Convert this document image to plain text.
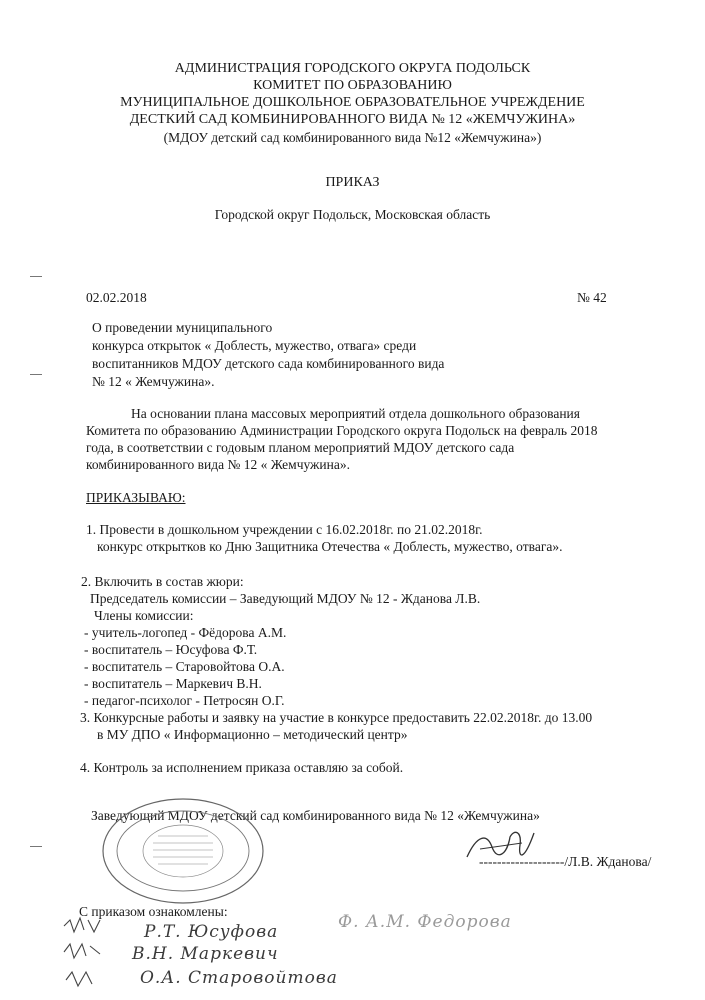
АДМИНИСТРАЦИЯ ГОРОДСКОГО ОКРУГА ПОДОЛЬСК
КОМИТЕТ ПО ОБРАЗОВАНИЮ
МУНИЦИПАЛЬНОЕ ДОШКОЛЬНОЕ ОБРАЗОВАТЕЛЬНОЕ УЧРЕЖДЕНИЕ
ДЕСТКИЙ САД КОМБИНИРОВАННОГО ВИДА № 12 «ЖЕМЧУЖИНА»
(МДОУ детский сад комбинированного вида №12 «Жемчужина»)
ПРИКАЗ
Городской округ Подольск, Московская область
02.02.2018	№ 42
О проведении муниципального
конкурса открыток « Доблесть, мужество, отвага» среди
воспитанников МДОУ детского сада комбинированного вида
№ 12 « Жемчужина».
На основании плана массовых мероприятий отдела дошкольного образования
Комитета по образованию Администрации Городского округа Подольск на февраль 2018
года, в соответствии с годовым планом мероприятий МДОУ детского сада
комбинированного вида № 12 « Жемчужина».
ПРИКАЗЫВАЮ:
1. Провести в дошкольном учреждении с 16.02.2018г. по 21.02.2018г.
конкурс открытков ко Дню Защитника Отечества « Доблесть, мужество, отвага».
2. Включить в состав жюри:
Председатель комиссии – Заведующий МДОУ № 12 - Жданова Л.В.
Члены комиссии:
- учитель-логопед - Фёдорова А.М.
- воспитатель – Юсуфова Ф.Т.
- воспитатель – Старовойтова О.А.
- воспитатель – Маркевич В.Н.
- педагог-психолог - Петросян О.Г.
3. Конкурсные работы и заявку на участие в конкурсе предоставить 22.02.2018г. до 13.00
в МУ ДПО « Информационно – методический центр»
4. Контроль за исполнением приказа оставляю за собой.
Заведующий МДОУ детский сад комбинированного вида № 12 «Жемчужина»
-------------------/Л.В. Жданова/
С приказом ознакомлены:
Р.Т. Юсуфова
В.Н. Маркевич
О.А. Старовойтова
Ф. А.М. Федорова
